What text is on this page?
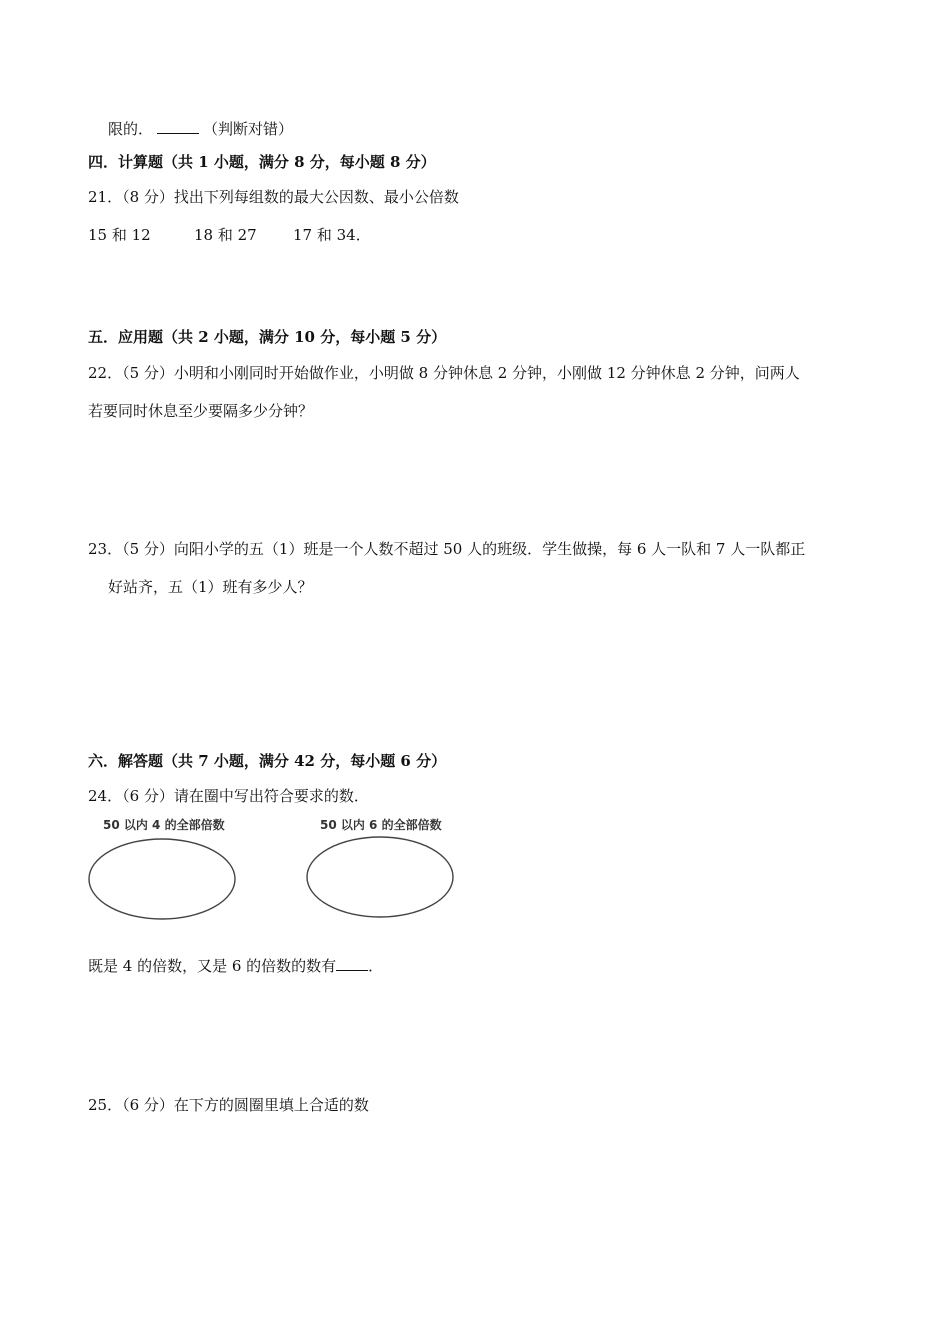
限的．	（判断对错）
四．计算题（共 1 小题，满分 8 分，每小题 8 分）
21．（8 分）找出下列每组数的最大公因数、最小公倍数
15 和 12	18 和 27 17 和 34．
五．应用题（共 2 小题，满分 10 分，每小题 5 分）
22．（5 分）小明和小刚同时开始做作业，小明做 8 分钟休息 2 分钟，小刚做 12 分钟休息 2 分钟，问两人
若要同时休息至少要隔多少分钟？
23．（5 分）向阳小学的五（1）班是一个人数不超过 50 人的班级．学生做操，每 6 人一队和 7 人一队都正
好站齐，五（1）班有多少人？
六．解答题（共 7 小题，满分 42 分，每小题 6 分）
24．（6 分）请在圈中写出符合要求的数．
50 以内 4 的全部倍数	50 以内 6 的全部倍数
既是 4 的倍数，又是 6 的倍数的数有 ．
25．（6 分）在下方的圆圈里填上合适的数
